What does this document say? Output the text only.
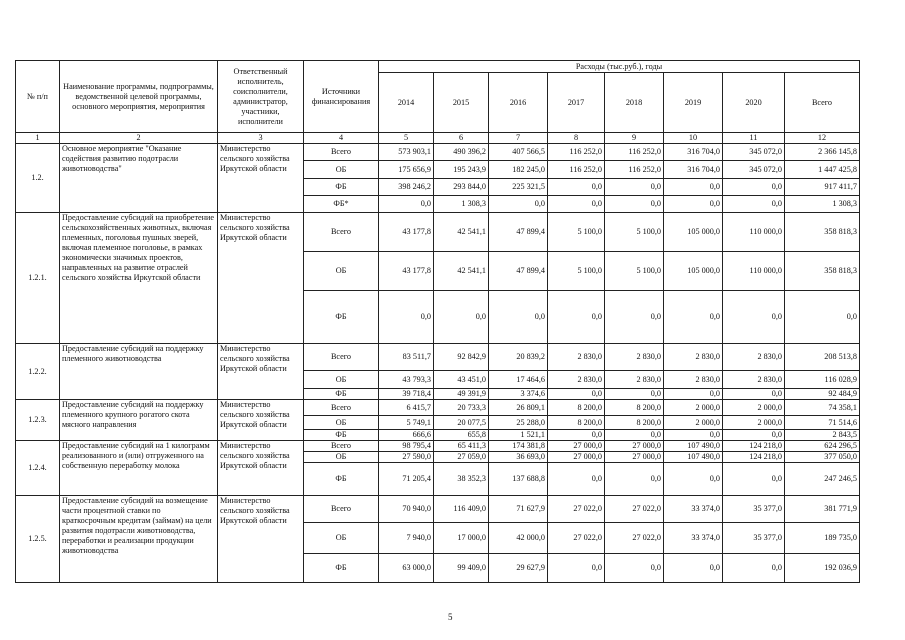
№ п/п	Наименование программы, подпрограммы, ведомственной целевой программы, основного мероприятия, мероприятия	Ответственный исполнитель, соисполнители, администратор, участники, исполнители	Источники финансирования	Расходы (тыс.руб.), годы							
				2014	2015	2016	2017	2018	2019	2020	Всего
1	2	3	4	5	6	7	8	9	10	11	12
1.2.	Основное мероприятие "Оказание содействия развитию подотрасли животноводства"	Министерство сельского хозяйства Иркутской области	Всего	573 903,1	490 396,2	407 566,5	116 252,0	116 252,0	316 704,0	345 072,0	2 366 145,8
			ОБ	175 656,9	195 243,9	182 245,0	116 252,0	116 252,0	316 704,0	345 072,0	1 447 425,8
			ФБ	398 246,2	293 844,0	225 321,5	0,0	0,0	0,0	0,0	917 411,7
			ФБ*	0,0	1 308,3	0,0	0,0	0,0	0,0	0,0	1 308,3
1.2.1.	Предоставление субсидий на приобретение сельскохозяйственных животных, включая племенных, поголовья пушных зверей, включая племенное поголовье, в рамках экономически значимых проектов, направленных на развитие отраслей сельского хозяйства Иркутской области	Министерство сельского хозяйства Иркутской области	Всего	43 177,8	42 541,1	47 899,4	5 100,0	5 100,0	105 000,0	110 000,0	358 818,3
			ОБ	43 177,8	42 541,1	47 899,4	5 100,0	5 100,0	105 000,0	110 000,0	358 818,3
			ФБ	0,0	0,0	0,0	0,0	0,0	0,0	0,0	0,0
1.2.2.	Предоставление субсидий на поддержку племенного животноводства	Министерство сельского хозяйства Иркутской области	Всего	83 511,7	92 842,9	20 839,2	2 830,0	2 830,0	2 830,0	2 830,0	208 513,8
			ОБ	43 793,3	43 451,0	17 464,6	2 830,0	2 830,0	2 830,0	2 830,0	116 028,9
			ФБ	39 718,4	49 391,9	3 374,6	0,0	0,0	0,0	0,0	92 484,9
1.2.3.	Предоставление субсидий на поддержку племенного крупного рогатого скота мясного направления	Министерство сельского хозяйства Иркутской области	Всего	6 415,7	20 733,3	26 809,1	8 200,0	8 200,0	2 000,0	2 000,0	74 358,1
			ОБ	5 749,1	20 077,5	25 288,0	8 200,0	8 200,0	2 000,0	2 000,0	71 514,6
			ФБ	666,6	655,8	1 521,1	0,0	0,0	0,0	0,0	2 843,5
1.2.4.	Предоставление субсидий на 1 килограмм реализованного и (или) отгруженного на собственную переработку молока	Министерство сельского хозяйства Иркутской области	Всего	98 795,4	65 411,3	174 381,8	27 000,0	27 000,0	107 490,0	124 218,0	624 296,5
			ОБ	27 590,0	27 059,0	36 693,0	27 000,0	27 000,0	107 490,0	124 218,0	377 050,0
			ФБ	71 205,4	38 352,3	137 688,8	0,0	0,0	0,0	0,0	247 246,5
1.2.5.	Предоставление субсидий на возмещение части процентной ставки по краткосрочным кредитам (займам) на цели развития подотрасли животноводства, переработки и реализации продукции животноводства	Министерство сельского хозяйства Иркутской области	Всего	70 940,0	116 409,0	71 627,9	27 022,0	27 022,0	33 374,0	35 377,0	381 771,9
			ОБ	7 940,0	17 000,0	42 000,0	27 022,0	27 022,0	33 374,0	35 377,0	189 735,0
			ФБ	63 000,0	99 409,0	29 627,9	0,0	0,0	0,0	0,0	192 036,9
5
